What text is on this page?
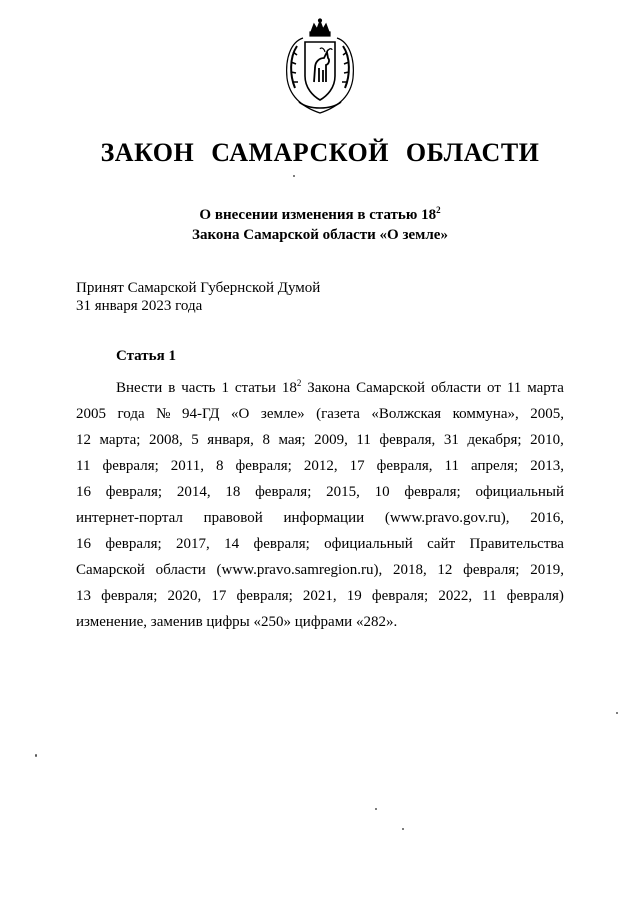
ЗАКОН САМАРСКОЙ ОБЛАСТИ
О внесении изменения в статью $18^2$
Закона Самарской области «О земле»
Принят Самарской Губернской Думой
31 января 2023 года
Статья 1
Внести в часть 1 статьи $18^2$ Закона Самарской области от 11 марта
2005 года № 94-ГД «О земле» (газета «Волжская коммуна», 2005,
12 марта; 2008, 5 января, 8 мая; 2009, 11 февраля, 31 декабря; 2010,
11 февраля; 2011, 8 февраля; 2012, 17 февраля, 11 апреля; 2013,
16 февраля; 2014, 18 февраля; 2015, 10 февраля; официальный
интернет-портал правовой информации (www.pravo.gov.ru), 2016,
16 февраля; 2017, 14 февраля; официальный сайт Правительства
Самарской области (www.pravo.samregion.ru), 2018, 12 февраля; 2019,
13 февраля; 2020, 17 февраля; 2021, 19 февраля; 2022, 11 февраля)
изменение, заменив цифры «250» цифрами «282».
